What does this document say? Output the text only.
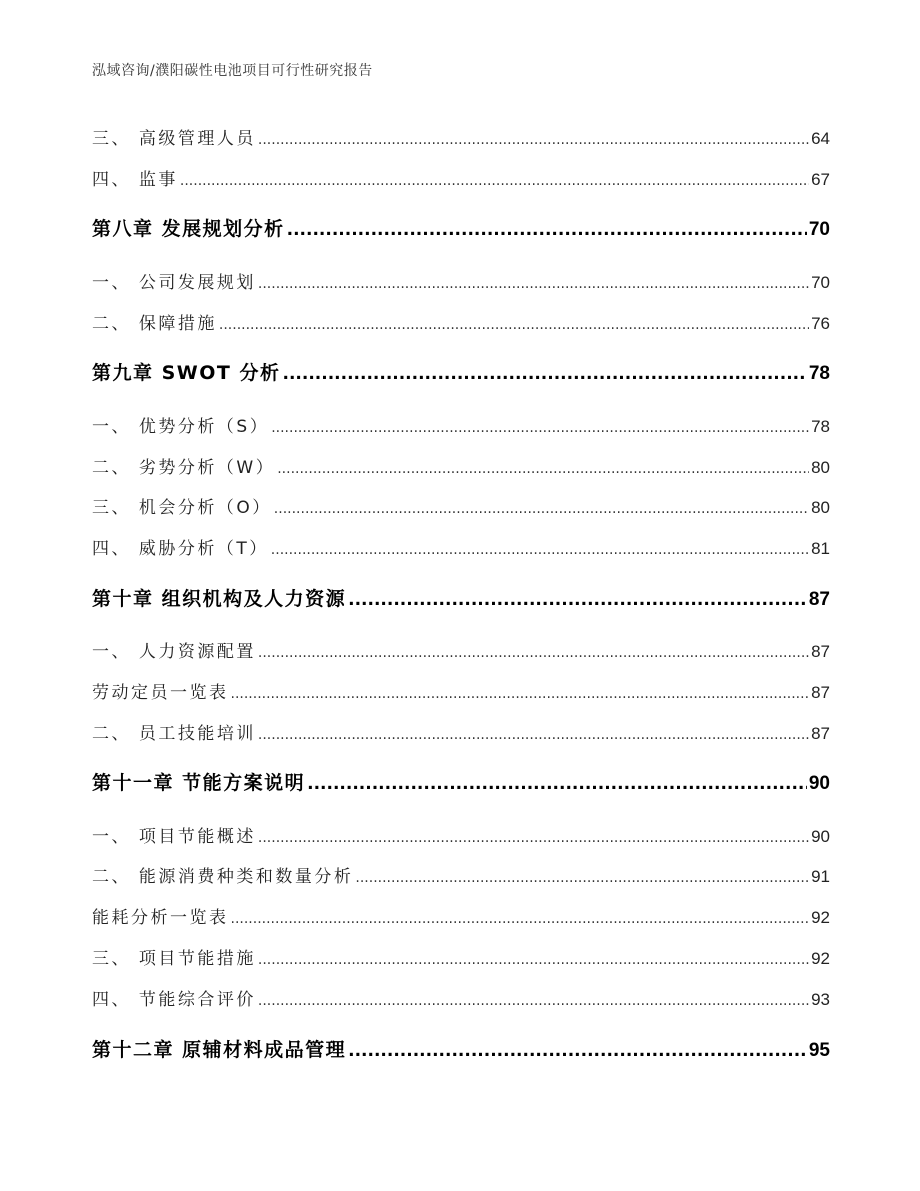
泓域咨询/濮阳碳性电池项目可行性研究报告
三、 高级管理人员 .....	64
四、 监事 .....	67
第八章 发展规划分析 .....	70
一、 公司发展规划 .....	70
二、 保障措施 .....	76
第九章 SWOT 分析 .....	78
一、 优势分析（S） .....	78
二、 劣势分析（W） .....	80
三、 机会分析（O） .....	80
四、 威胁分析（T） .....	81
第十章 组织机构及人力资源 .....	87
一、 人力资源配置 .....	87
劳动定员一览表 .....	87
二、 员工技能培训 .....	87
第十一章 节能方案说明 .....	90
一、 项目节能概述 .....	90
二、 能源消费种类和数量分析 .....	91
能耗分析一览表 .....	92
三、 项目节能措施 .....	92
四、 节能综合评价 .....	93
第十二章 原辅材料成品管理 .....	95
